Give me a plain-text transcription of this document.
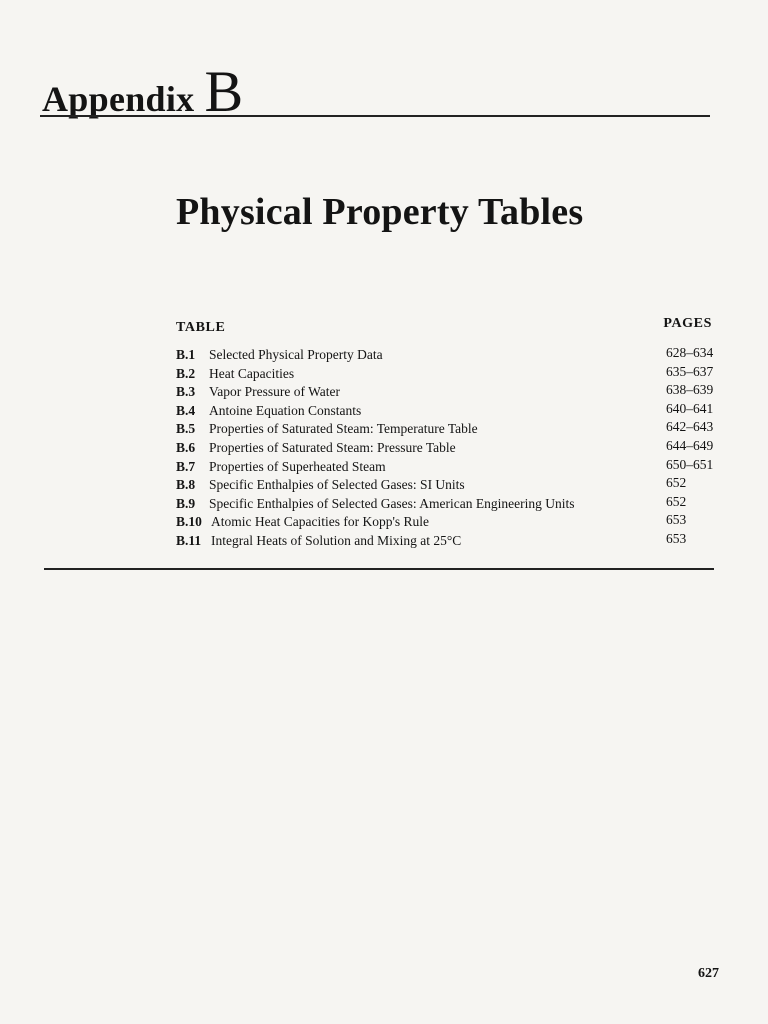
Appendix B
Physical Property Tables
TABLE	PAGES
B.1 Selected Physical Property Data	628–634
B.2 Heat Capacities	635–637
B.3 Vapor Pressure of Water	638–639
B.4 Antoine Equation Constants	640–641
B.5 Properties of Saturated Steam: Temperature Table	642–643
B.6 Properties of Saturated Steam: Pressure Table	644–649
B.7 Properties of Superheated Steam	650–651
B.8 Specific Enthalpies of Selected Gases: SI Units	652
B.9 Specific Enthalpies of Selected Gases: American Engineering Units	652
B.10 Atomic Heat Capacities for Kopp's Rule	653
B.11 Integral Heats of Solution and Mixing at 25°C	653
627
